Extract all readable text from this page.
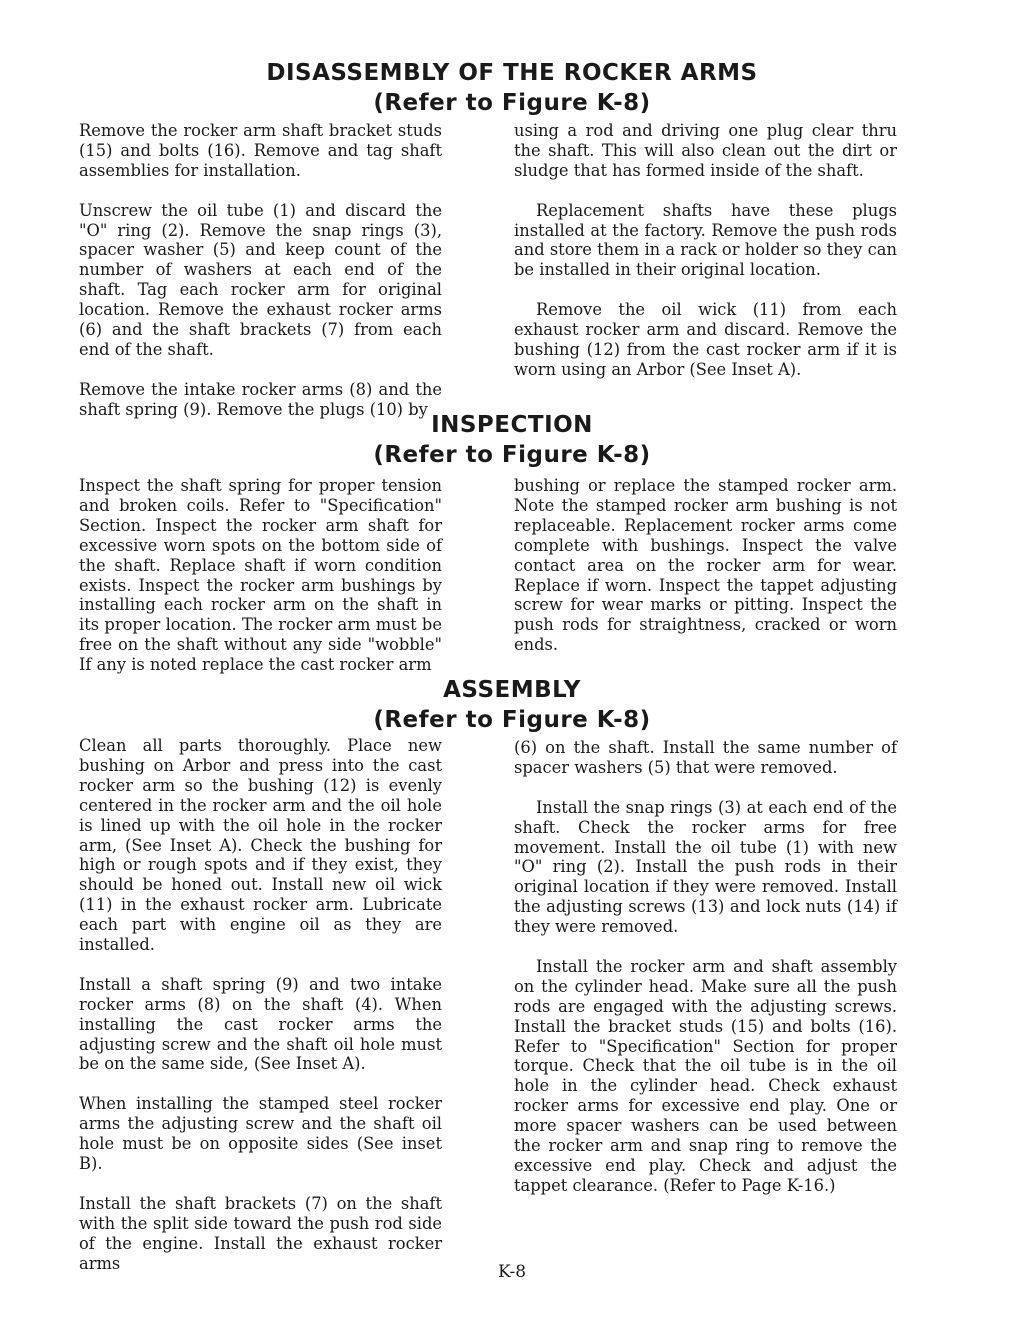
DISASSEMBLY OF THE ROCKER ARMS
(Refer to Figure K-8)

Remove the rocker arm shaft bracket studs (15) and bolts (16). Remove and tag shaft assemblies for installation.

Unscrew the oil tube (1) and discard the "O" ring (2). Remove the snap rings (3), spacer washer (5) and keep count of the number of washers at each end of the shaft. Tag each rocker arm for original location. Remove the exhaust rocker arms (6) and the shaft brackets (7) from each end of the shaft.

Remove the intake rocker arms (8) and the shaft spring (9). Remove the plugs (10) by

using a rod and driving one plug clear thru the shaft. This will also clean out the dirt or sludge that has formed inside of the shaft.

Replacement shafts have these plugs installed at the factory. Remove the push rods and store them in a rack or holder so they can be installed in their original location.

Remove the oil wick (11) from each exhaust rocker arm and discard. Remove the bushing (12) from the cast rocker arm if it is worn using an Arbor (See Inset A).

INSPECTION
(Refer to Figure K-8)

Inspect the shaft spring for proper tension and broken coils. Refer to "Specification" Section. Inspect the rocker arm shaft for excessive worn spots on the bottom side of the shaft. Replace shaft if worn condition exists. Inspect the rocker arm bushings by installing each rocker arm on the shaft in its proper location. The rocker arm must be free on the shaft without any side "wobble" If any is noted replace the cast rocker arm

bushing or replace the stamped rocker arm. Note the stamped rocker arm bushing is not replaceable. Replacement rocker arms come complete with bushings. Inspect the valve contact area on the rocker arm for wear. Replace if worn. Inspect the tappet adjusting screw for wear marks or pitting. Inspect the push rods for straightness, cracked or worn ends.

ASSEMBLY
(Refer to Figure K-8)

Clean all parts thoroughly. Place new bushing on Arbor and press into the cast rocker arm so the bushing (12) is evenly centered in the rocker arm and the oil hole is lined up with the oil hole in the rocker arm, (See Inset A). Check the bushing for high or rough spots and if they exist, they should be honed out. Install new oil wick (11) in the exhaust rocker arm. Lubricate each part with engine oil as they are installed.

Install a shaft spring (9) and two intake rocker arms (8) on the shaft (4). When installing the cast rocker arms the adjusting screw and the shaft oil hole must be on the same side, (See Inset A).

When installing the stamped steel rocker arms the adjusting screw and the shaft oil hole must be on opposite sides (See inset B).

Install the shaft brackets (7) on the shaft with the split side toward the push rod side of the engine. Install the exhaust rocker arms

(6) on the shaft. Install the same number of spacer washers (5) that were removed.

Install the snap rings (3) at each end of the shaft. Check the rocker arms for free movement. Install the oil tube (1) with new "O" ring (2). Install the push rods in their original location if they were removed. Install the adjusting screws (13) and lock nuts (14) if they were removed.

Install the rocker arm and shaft assembly on the cylinder head. Make sure all the push rods are engaged with the adjusting screws. Install the bracket studs (15) and bolts (16). Refer to "Specification" Section for proper torque. Check that the oil tube is in the oil hole in the cylinder head. Check exhaust rocker arms for excessive end play. One or more spacer washers can be used between the rocker arm and snap ring to remove the excessive end play. Check and adjust the tappet clearance. (Refer to Page K-16.)

K-8
